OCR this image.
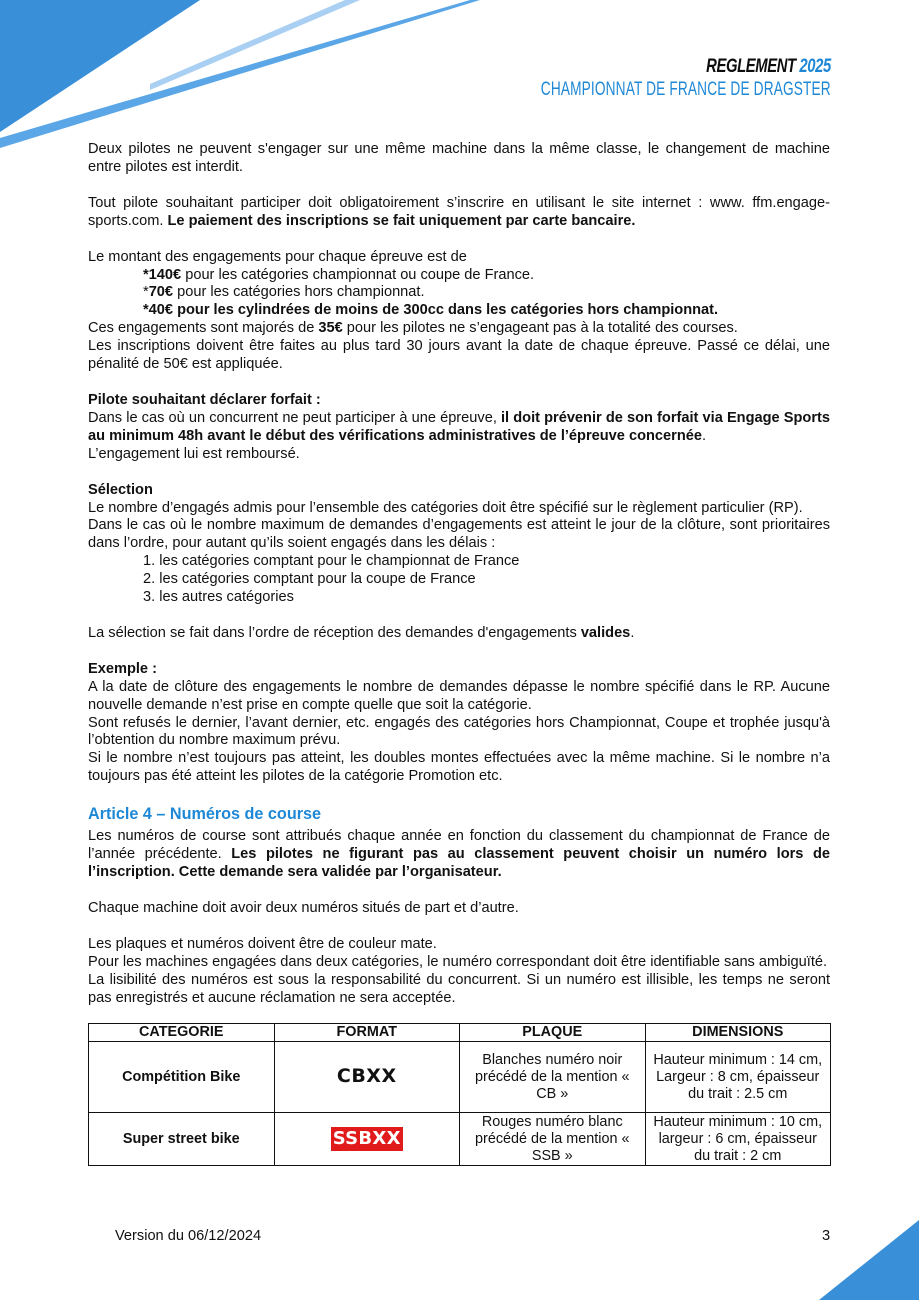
REGLEMENT 2025
CHAMPIONNAT DE FRANCE DE DRAGSTER

Deux pilotes ne peuvent s'engager sur une même machine dans la même classe, le changement de machine entre pilotes est interdit.

Tout pilote souhaitant participer doit obligatoirement s’inscrire en utilisant le site internet : www. ffm.engage-sports.com. Le paiement des inscriptions se fait uniquement par carte bancaire.

Le montant des engagements pour chaque épreuve est de

*140€ pour les catégories championnat ou coupe de France.

*70€ pour les catégories hors championnat.

*40€ pour les cylindrées de moins de 300cc dans les catégories hors championnat.

Ces engagements sont majorés de 35€ pour les pilotes ne s’engageant pas à la totalité des courses.

Les inscriptions doivent être faites au plus tard 30 jours avant la date de chaque épreuve. Passé ce délai, une pénalité de 50€ est appliquée.

Pilote souhaitant déclarer forfait :

Dans le cas où un concurrent ne peut participer à une épreuve, il doit prévenir de son forfait via Engage Sports au minimum 48h avant le début des vérifications administratives de l’épreuve concernée.

L’engagement lui est remboursé.

Sélection

Le nombre d’engagés admis pour l’ensemble des catégories doit être spécifié sur le règlement particulier (RP).

Dans le cas où le nombre maximum de demandes d’engagements est atteint le jour de la clôture, sont prioritaires dans l’ordre, pour autant qu’ils soient engagés dans les délais :

1. les catégories comptant pour le championnat de France

2. les catégories comptant pour la coupe de France

3. les autres catégories

La sélection se fait dans l’ordre de réception des demandes d'engagements valides.

Exemple :

A la date de clôture des engagements le nombre de demandes dépasse le nombre spécifié dans le RP. Aucune nouvelle demande n’est prise en compte quelle que soit la catégorie.

Sont refusés le dernier, l’avant dernier, etc. engagés des catégories hors Championnat, Coupe et trophée jusqu'à l’obtention du nombre maximum prévu.

Si le nombre n’est toujours pas atteint, les doubles montes effectuées avec la même machine. Si le nombre n’a toujours pas été atteint les pilotes de la catégorie Promotion etc.

Article 4 – Numéros de course

Les numéros de course sont attribués chaque année en fonction du classement du championnat de France de l’année précédente. Les pilotes ne figurant pas au classement peuvent choisir un numéro lors de l’inscription. Cette demande sera validée par l’organisateur.

Chaque machine doit avoir deux numéros situés de part et d’autre.

Les plaques et numéros doivent être de couleur mate.

Pour les machines engagées dans deux catégories, le numéro correspondant doit être identifiable sans ambiguïté.

La lisibilité des numéros est sous la responsabilité du concurrent. Si un numéro est illisible, les temps ne seront pas enregistrés et aucune réclamation ne sera acceptée.

CATEGORIE	FORMAT	PLAQUE	DIMENSIONS
Compétition Bike	CBXX	Blanches numéro noir précédé de la mention « CB »	Hauteur minimum : 14 cm, Largeur : 8 cm, épaisseur du trait : 2.5 cm
Super street bike	SSBXX	Rouges numéro blanc précédé de la mention « SSB »	Hauteur minimum : 10 cm, largeur : 6 cm, épaisseur du trait : 2 cm
Version du 06/12/2024	3
